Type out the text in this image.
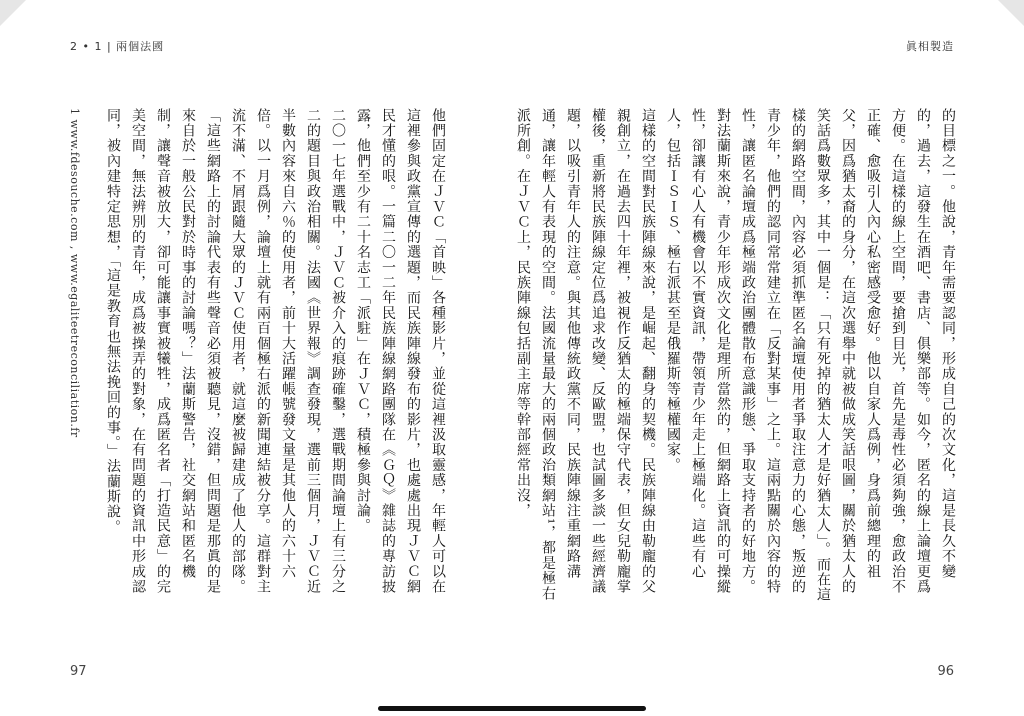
2 • 1 | 兩個法國	眞相製造

的目標之一。他說，青年需要認同，形成自己的次文化，這是長久不變的，過去，這發生在酒吧、書店、俱樂部等。如今，匿名的線上論壇更爲方便。在這樣的線上空間，要搶到目光，首先是毒性必須夠強，愈政治不正確、愈吸引人內心私密感受愈好。他以自家人爲例，身爲前總理的祖父，因爲猶太裔的身分，在這次選舉中就被做成笑話哏圖，關於猶太人的笑話爲數眾多，其中一個是：「只有死掉的猶太人才是好猶太人」。而在這樣的網路空間，內容必須抓準匿名論壇使用者爭取注意力的心態，叛逆的青少年，他們的認同常常建立在「反對某事」之上。這兩點關於內容的特性，讓匿名論壇成爲極端政治團體散布意識形態、爭取支持者的好地方。

對法蘭斯來說，青少年形成次文化是理所當然的，但網路上資訊的可操縱性，卻讓有心人有機會以不實資訊，帶領青少年走上極端化。這些有心人，包括ＩＳＩＳ、極右派甚至是俄羅斯等極權國家。

這樣的空間對民族陣線來說，是崛起、翻身的契機。民族陣線由勒龐的父親創立，在過去四十年裡，被視作反猶太的極端保守代表，但女兒勒龐掌權後，重新將民族陣線定位爲追求改變、反歐盟，也試圖多談一些經濟議題，以吸引青年人的注意。與其他傳統政黨不同，民族陣線注重網路溝通，讓年輕人有表現的空間。法國流量最大的兩個政治類網站¹，都是極右派所創。在ＪＶＣ上，民族陣線包括副主席等幹部經常出沒，

他們固定在ＪＶＣ「首映」各種影片，並從這裡汲取靈感，年輕人可以在這裡參與政黨宣傳的選題，而民族陣線發布的影片，也處處出現ＪＶＣ網民才懂的哏。一篇二〇一二年民族陣線網路團隊在《ＧＱ》雜誌的專訪披露，他們至少有二十名志工「派駐」在ＪＶＣ，積極參與討論。

二〇一七年選戰中，ＪＶＣ被介入的痕跡確鑿，選戰期間論壇上有三分之二的題目與政治相關。法國《世界報》調查發現，選前三個月，ＪＶＣ近半數內容來自六％的使用者，前十大活躍帳號發文量是其他人的六十六倍。以一月爲例，論壇上就有兩百個極右派的新聞連結被分享。這群對主流不滿、不屑跟隨大眾的ＪＶＣ使用者，就這麼被歸建成了他人的部隊。

「這些網路上的討論代表有些聲音必須被聽見，沒錯，但問題是那眞的是來自於一般公民對於時事的討論嗎？」法蘭斯警告，社交網站和匿名機制，讓聲音被放大，卻可能讓事實被犧牲，成爲匿名者「打造民意」的完美空間，無法辨別的青年，成爲被操弄的對象，在有問題的資訊中形成認同，被內建特定思想，「這是教育也無法挽回的事。」法蘭斯說。

1 www.fdesouche.com , www.egaliteetreconciliation.fr
97	96
